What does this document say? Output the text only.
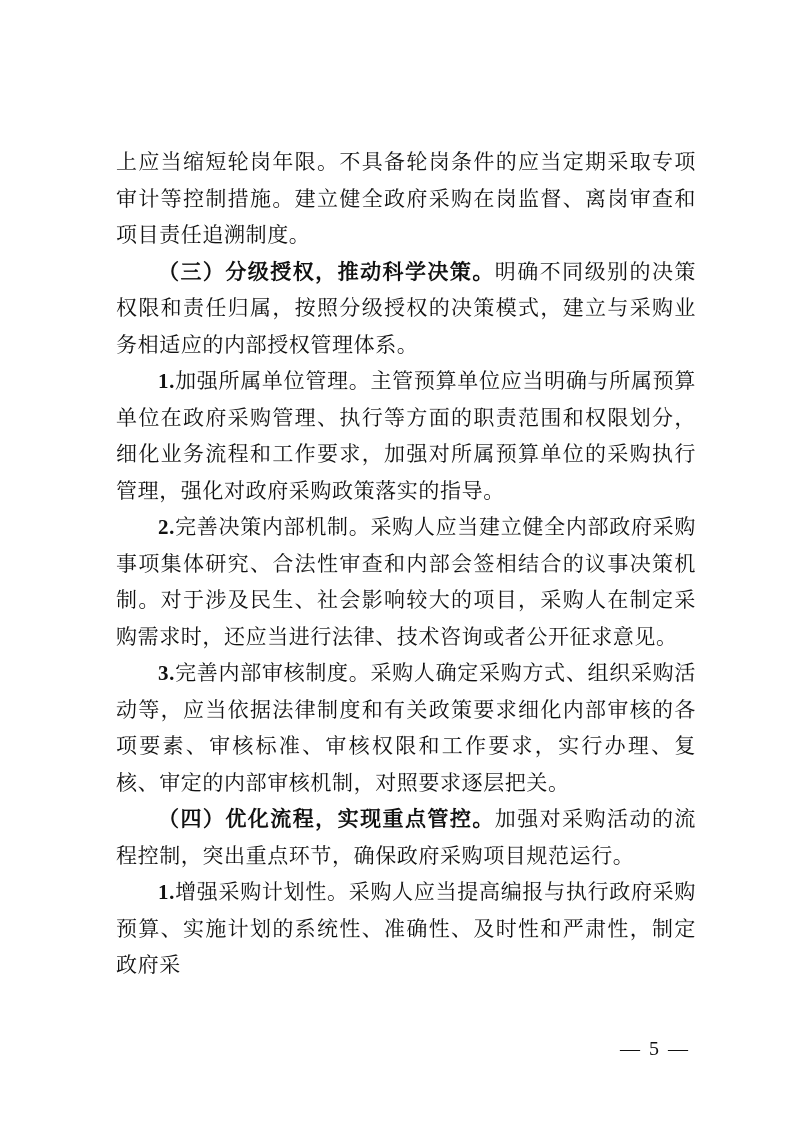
上应当缩短轮岗年限。不具备轮岗条件的应当定期采取专项审计等控制措施。建立健全政府采购在岗监督、离岗审查和项目责任追溯制度。

（三）分级授权，推动科学决策。明确不同级别的决策权限和责任归属，按照分级授权的决策模式，建立与采购业务相适应的内部授权管理体系。

1.加强所属单位管理。主管预算单位应当明确与所属预算单位在政府采购管理、执行等方面的职责范围和权限划分，细化业务流程和工作要求，加强对所属预算单位的采购执行管理，强化对政府采购政策落实的指导。

2.完善决策内部机制。采购人应当建立健全内部政府采购事项集体研究、合法性审查和内部会签相结合的议事决策机制。对于涉及民生、社会影响较大的项目，采购人在制定采购需求时，还应当进行法律、技术咨询或者公开征求意见。

3.完善内部审核制度。采购人确定采购方式、组织采购活动等，应当依据法律制度和有关政策要求细化内部审核的各项要素、审核标准、审核权限和工作要求，实行办理、复核、审定的内部审核机制，对照要求逐层把关。

（四）优化流程，实现重点管控。加强对采购活动的流程控制，突出重点环节，确保政府采购项目规范运行。

1.增强采购计划性。采购人应当提高编报与执行政府采购预算、实施计划的系统性、准确性、及时性和严肃性，制定政府采

— 5 —
